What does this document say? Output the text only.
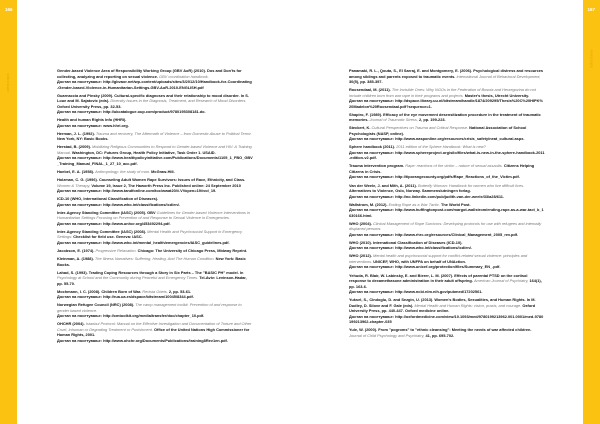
166
литература
167
литература
Gender-based Violence Area of Responsibility Working Group (GBV AoR) (2010). Dos and Don'ts for collecting, analyzing and reporting on sexual violence. GBV coordination handbook.
Достап на посетување: http://gbvaor.net/wp-content/uploads/sites/3/2012/10/Handbook-for-Coordinating-Gender-based-Violence-in-Humanitarian-Settings-GBV-AoR-2010-ENGLISH.pdf
Guarnaccia and Pinsky (2009). Cultural-specific diagnoses and their relationship to mood disorder. In S. Loue and M. Sajatovic (eds). Diversity Issues in the Diagnosis, Treatment, and Research of Mood Disorders. Oxford University Press, pp. 32-53.
Достап на посетување: http://ukcatalogue.oup.com/product/9780195308181.do.
Health and human Rights Info (HHRI).
Достап на посетување: www.hhri.org.
Herman, J. L. (1992). Trauma and recovery, The Aftermath of Violence – from Domestic Abuse to Political Terror. New York, NY: Basic Books.
Herstad, B. (2009). Mobilizing Religious Communities to Respond to Gender-based Violence and HIV: A Training Manual. Washington, DC: Futures Group, Health Policy Initiative, Task Order 1. USAID.
Достап на посетување: http://www.healthpolicyinitiative.com/Publications/Documents/1105_1_FBO_GBV_Training_Manual_FINAL_1_27_10_acc.pdf.
Hoebel, E. A. (1958). Anthropology: the study of man. McGraw-Hill.
Holzman, C. G. (1996). Counseling Adult Women Rape Survivors: Issues of Race, Ethnicity, and Class. Women & Therapy, Volume 19, Issue 2, The Haworth Press Inc. Published online: 24 September 2010
Достап на посетување: http://www.tandfonline.com/toc/wwat20/#.VVopen=19#vol_19.
ICD-10 (WHO, International Classification of Diseases).
Достап на посетување: http://www.who.int/classifications/icd/en/.
Inter-Agency Standing Committee (IASC) (2005). GBV Guidelines for Gender-based Violence Interventions in Humanitarian Settings Focusing on Prevention of and Response to Sexual Violence in Emergencies.
Достап на посетување: http://www.unhcr.org/453492294.pdf.
Inter-Agency Standing Committee (IASC) (2008). Mental Health and Psychosocial Support in Emergency Settings: Checklist for field use. Geneva: IASC.
Достап на посетување: http://www.who.int/mental_health/emergencies/IASC_guidelines.pdf.
Jacobson, E. (1974). Progressive Relaxation. Chicago: The University of Chicago Press, Midway Reprint.
Kleinman, A. (1988). The Illness Narratives: Suffering, Healing, And The Human Condition. New York: Basic Books.
Lahad, S. (1993). Trading Coping Resources through a Story in Six Parts – The "BASIC PH" model. In Psychology at School and the Community during Peaceful and Emergency Times. Tel-Aviv: Levinson-Hadar, pp. 55-70.
Mochmann, I. C. (2008). Children Born of War. Revista Obets, 2, pp. 53-61.
Достап на посетување: http://rua.ua.es/dspace/bitstream/10045/8344.pdf.
Norwegian Refugee Council (NRC) (2008). The camp management toolkit. Prevention of and response to gender based violence.
Достап на посетување: http://cmtoolkit.org/media/transfer/doc/chapter_10.pdf.
OHCHR (2004). Istanbul Protocol: Manual on the Effective Investigation and Documentation of Torture and Other Cruel, Inhuman or Degrading Treatment or Punishment. Office of the United Nations High Commissioner for Human Rights, 2001.
Достап на посетување: http://www.ohchr.org/Documents/Publications/training8Rev1en.pdf.
Panamaki, R. L., Qouta, S., El Sarraj, E. and Montgomery, E. (2006). Psychological distress and resources among siblings and parents exposed to traumatic events. International Journal of Behavioral Development, 30(5), pp. 385-397.
Roosendaal, M. (2011). The Invisible Ones: Why NGOs in the Federation of Bosnia and Herzegovina do not include children born from war rape in their programs and projects. Master's thesis, Utrecht University.
Достап на посетување: http://dspace.library.uu.nl/bitstream/handle/1874/209295/Thesis%20C%20HIPK%20Madelon%20Roosendaal.pdf?sequence=1.
Shapiro, F. (1989). Efficacy of the eye movement desensitization procedure in the treatment of traumatic memories. Journal of Traumatic Stress, 2, pp. 199-223.
Steckert, K. Cultural Perspectives on Trauma and Critical Response. National Association of School Psychologists (NASP, online).
Достап на посетување: http://www.nasponline.org/resources/crisis_safety/neat_cultural.aspx.
Sphere handbook (2011). 2011 edition of the Sphere Handbook: What is new?
Достап на посетување: http://www.sphereproject.org/silo/files/what-is-new-in-the-sphere-handbook-2011-edition-v2.pdf.
Trauma intervention program. Rape: reactions of the victim – nature of sexual assaults. Citizens Helping Citizens in Crisis.
Достап на посетување: http://tiporangecounty.org/pdfs/Rape_Reactions_of_the_Victim.pdf.
Van der Weele, J. and Mith, A. (2011). Butterfly Woman: Handbook for women who live difficult lives. Alternatives to Violence, Oslo, Norway. Sammenslutningen forlag.
Достап на посетување: http://no.linkedin.com/pub/judith-van-der-weele/33/a28/611.
Wallstrom, M. (2012). Ending Rape as a War Tactic. The World Post.
Достап на посетување: http://www.huffingtonpost.com/margot-wallstrom/ending-rape-as-a-war-tact_b_1630166.html.
WHO (2004). Clinical Management of Rape Survivors: Developing protocols for use with refugees and internally displaced persons.
Достап на посетување: http://www.rhrc.org/resources/Clinical_Management_2005_rev.pdf.
WHO (2010). International Classification of Diseases (ICD-10).
Достап на посетување: http://www.who.int/classifications/icd/en/.
WHO (2012). Mental health and psychosocial support for conflict-related sexual violence: principles and interventions. UNICEF, WHO, with UNFPA on behalf of UNAction.
Достап на посетување: http://www.unicef.org/protection/files/Summary_EN_.pdf.
Yehuda, R. Blair, W. Labinsky, E. and Bierer, L. M. (2007). Effects of parental PTSD on the cortisol response to dexamethasone administration in their adult offspring. American Journal of Psychiatry, 164(1), pp. 163-6.
Достап на посетување: http://www.ncbi.nlm.nih.gov/pubmed/17202561.
Yuksel, S., Cindoglu, D. and Sezgin, U. (2013). Women's Bodies, Sexualities, and Human Rights. In M. Dudley, D. Silove and F. Gale (eds). Mental Health and Human Rights: vision, praxis, and courage. Oxford University Press, pp. 440-447. Oxford medicine online.
Достап на посетување: http://oxfordmedicine.com/view/10.1093/med/9780199213962.001.0001/med-9780199213962-chapter-035
Yule, W. (2000). From "pogroms" to "ethnic cleansing": Meeting the needs of war affected children. Journal of Child Psychology and Psychiatry, 41, pp. 695-702.
